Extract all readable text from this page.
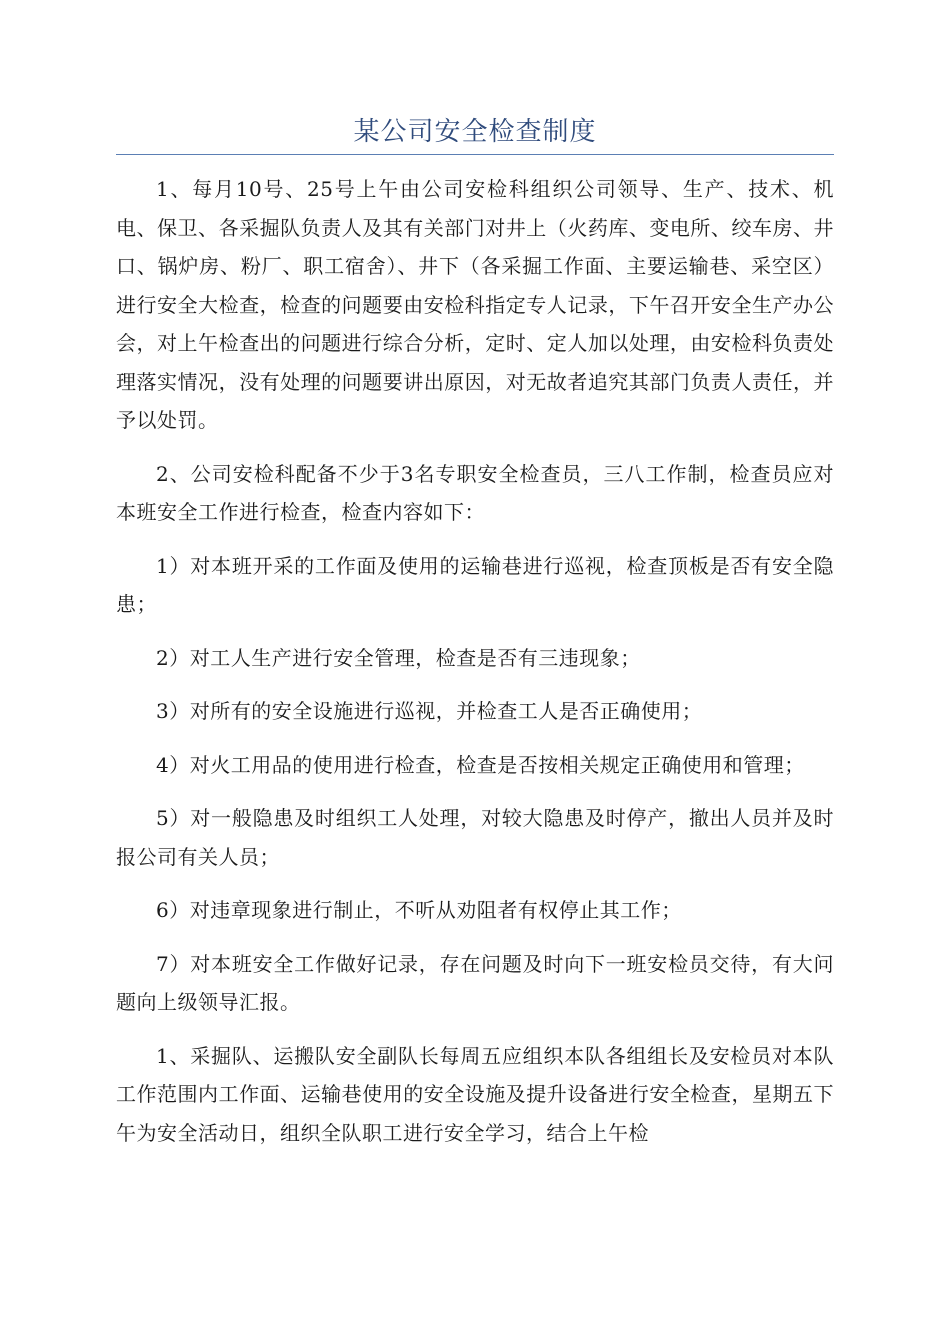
某公司安全检查制度

1、每月10号、25号上午由公司安检科组织公司领导、生产、技术、机电、保卫、各采掘队负责人及其有关部门对井上（火药库、变电所、绞车房、井口、锅炉房、粉厂、职工宿舍）、井下（各采掘工作面、主要运输巷、采空区）进行安全大检查，检查的问题要由安检科指定专人记录，下午召开安全生产办公会，对上午检查出的问题进行综合分析，定时、定人加以处理，由安检科负责处理落实情况，没有处理的问题要讲出原因，对无故者追究其部门负责人责任，并予以处罚。

2、公司安检科配备不少于3名专职安全检查员，三八工作制，检查员应对本班安全工作进行检查，检查内容如下：

1）对本班开采的工作面及使用的运输巷进行巡视，检查顶板是否有安全隐患；

2）对工人生产进行安全管理，检查是否有三违现象；

3）对所有的安全设施进行巡视，并检查工人是否正确使用；

4）对火工用品的使用进行检查，检查是否按相关规定正确使用和管理；

5）对一般隐患及时组织工人处理，对较大隐患及时停产，撤出人员并及时报公司有关人员；

6）对违章现象进行制止，不听从劝阻者有权停止其工作；

7）对本班安全工作做好记录，存在问题及时向下一班安检员交待，有大问题向上级领导汇报。

1、采掘队、运搬队安全副队长每周五应组织本队各组组长及安检员对本队工作范围内工作面、运输巷使用的安全设施及提升设备进行安全检查，星期五下午为安全活动日，组织全队职工进行安全学习，结合上午检
